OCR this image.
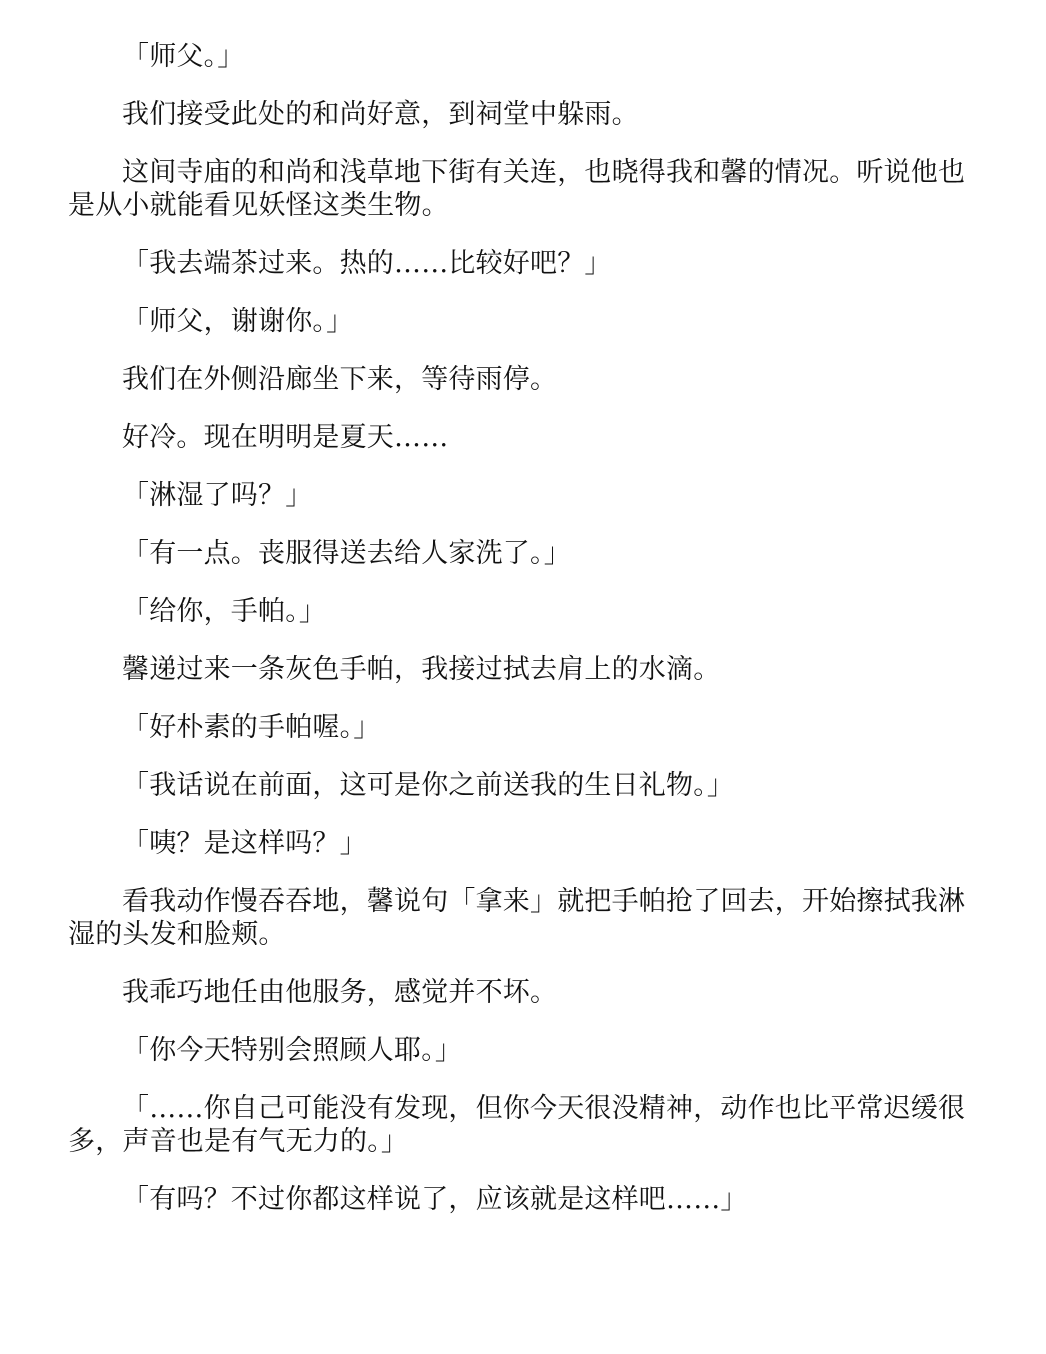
「师父。」

我们接受此处的和尚好意，到祠堂中躲雨。

这间寺庙的和尚和浅草地下街有关连，也晓得我和馨的情况。听说他也是从小就能看见妖怪这类生物。

「我去端茶过来。热的……比较好吧？」

「师父，谢谢你。」

我们在外侧沿廊坐下来，等待雨停。

好冷。现在明明是夏天……

「淋湿了吗？」

「有一点。丧服得送去给人家洗了。」

「给你，手帕。」

馨递过来一条灰色手帕，我接过拭去肩上的水滴。

「好朴素的手帕喔。」

「我话说在前面，这可是你之前送我的生日礼物。」

「咦？是这样吗？」

看我动作慢吞吞地，馨说句「拿来」就把手帕抢了回去，开始擦拭我淋湿的头发和脸颊。

我乖巧地任由他服务，感觉并不坏。

「你今天特别会照顾人耶。」

「……你自己可能没有发现，但你今天很没精神，动作也比平常迟缓很多，声音也是有气无力的。」

「有吗？不过你都这样说了，应该就是这样吧……」
